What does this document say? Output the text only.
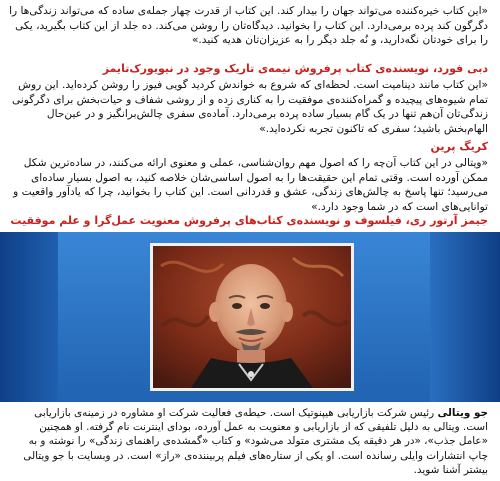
«این کتاب خیره‌کننده می‌تواند جهان را بیدار کند. این کتاب از قدرت چهار جمله‌ی ساده که می‌تواند زندگی‌ها را دگرگون کند پرده برمی‌دارد. این کتاب را بخوانید. دیدگاه‌تان را روشن می‌کند. ده جلد از این کتاب بگیرید، یکی را برای خودتان نگه‌دارید، و نُه جلد دیگر را به عزیزان‌تان هدیه کنید.»
دبی فورد، نویسنده‌ی کتاب پرفروش نیمه‌ی تاریک وجود در نیویورک‌تایمز
«این کتاب مانند دینامیت است. لحظه‌ای که شروع به خواندش کردید گویی فیوز را روشن کرده‌اید. این روش تمام شیوه‌های پیچیده و گمراه‌کننده‌ی موفقیت را به کناری زده و از روشی شفاف و حیات‌بخش برای دگرگونی زندگی‌تان آن‌هم تنها در یک گام بسیار ساده پرده برمی‌دارد. آماده‌ی سفری چالش‌برانگیز و در عین‌حال الهام‌بخش باشید؛ سفری که تاکنون تجربه نکرده‌اید.»
کریگ پرین
«ویتالی در این کتاب آن‌چه را که اصول مهم روان‌شناسی، عملی و معنوی ارائه می‌کنند، در ساده‌ترین شکل ممکن آورده است. وقتی تمام این حقیقت‌ها را به اصول اساسی‌شان خلاصه کنید، به اصول بسیار ساده‌ای می‌رسید؛ تنها پاسخ به چالش‌های زندگی، عشق و قدردانی است. این کتاب را بخوانید، چرا که یادآور واقعیت و توانایی‌های است که در شما وجود دارد.»
جیمز آرتور ری، فیلسوف و نویسنده‌ی کتاب‌های پرفروش معنویت عمل‌گرا و علم موفقیت
جو ویتالی رئیس شرکت بازاریابی هیپنوتیک است. حیطه‌ی فعالیت شرکت او مشاوره در زمینه‌ی بازاریابی است. ویتالی به دلیل تلفیقی که از بازاریابی و معنویت به عمل آورده، بودای اینترنت نام گرفته. او همچنین «عامل جذب»، «در هر دقیقه یک مشتری متولد می‌شود» و کتاب «گمشده‌ی راهنمای زندگی» را نوشته و به چاپ انتشارات وایلی رسانده است. او یکی از ستاره‌های فیلم پربیننده‌ی «راز» است. در وبسایت با جو ویتالی بیشتر آشنا شوید.
